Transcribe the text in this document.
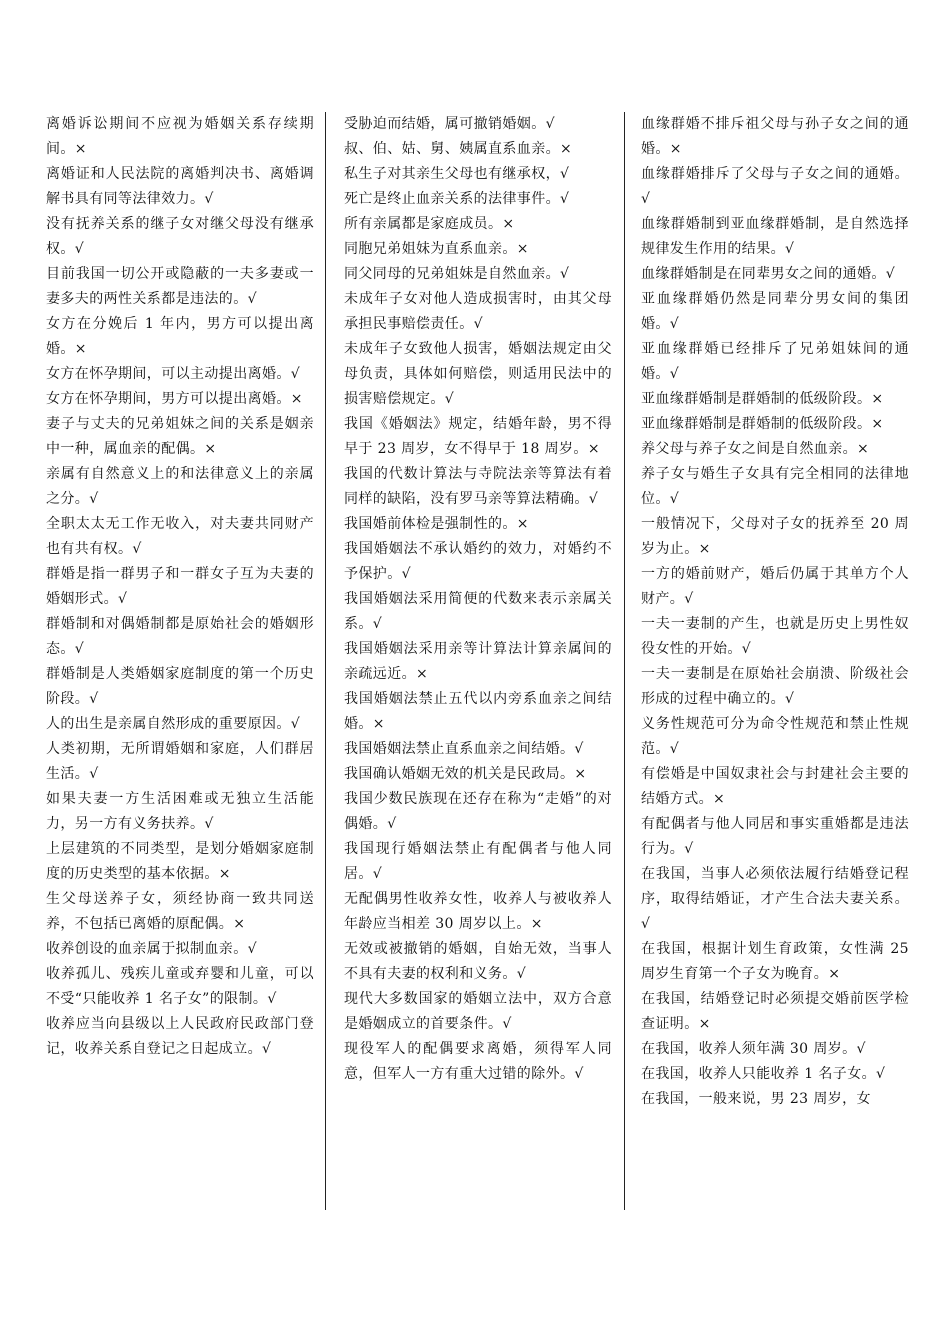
离婚诉讼期间不应视为婚姻关系存续期间。×

离婚证和人民法院的离婚判决书、离婚调解书具有同等法律效力。√

没有抚养关系的继子女对继父母没有继承权。√

目前我国一切公开或隐蔽的一夫多妻或一妻多夫的两性关系都是违法的。√

女方在分娩后 1 年内，男方可以提出离婚。×

女方在怀孕期间，可以主动提出离婚。√

女方在怀孕期间，男方可以提出离婚。×

妻子与丈夫的兄弟姐妹之间的关系是姻亲中一种，属血亲的配偶。×

亲属有自然意义上的和法律意义上的亲属之分。√

全职太太无工作无收入，对夫妻共同财产也有共有权。√

群婚是指一群男子和一群女子互为夫妻的婚姻形式。√

群婚制和对偶婚制都是原始社会的婚姻形态。√

群婚制是人类婚姻家庭制度的第一个历史阶段。√

人的出生是亲属自然形成的重要原因。√

人类初期，无所谓婚姻和家庭，人们群居生活。√

如果夫妻一方生活困难或无独立生活能力，另一方有义务扶养。√

上层建筑的不同类型，是划分婚姻家庭制度的历史类型的基本依据。×

生父母送养子女，须经协商一致共同送养，不包括已离婚的原配偶。×

收养创设的血亲属于拟制血亲。√

收养孤儿、残疾儿童或弃婴和儿童，可以不受“只能收养 1 名子女”的限制。√

收养应当向县级以上人民政府民政部门登记，收养关系自登记之日起成立。√

受胁迫而结婚，属可撤销婚姻。√

叔、伯、姑、舅、姨属直系血亲。×

私生子对其亲生父母也有继承权，√

死亡是终止血亲关系的法律事件。√

所有亲属都是家庭成员。×

同胞兄弟姐妹为直系血亲。×

同父同母的兄弟姐妹是自然血亲。√

未成年子女对他人造成损害时，由其父母承担民事赔偿责任。√

未成年子女致他人损害，婚姻法规定由父母负责，具体如何赔偿，则适用民法中的损害赔偿规定。√

我国《婚姻法》规定，结婚年龄，男不得早于 23 周岁，女不得早于 18 周岁。×

我国的代数计算法与寺院法亲等算法有着同样的缺陷，没有罗马亲等算法精确。√

我国婚前体检是强制性的。×

我国婚姻法不承认婚约的效力，对婚约不予保护。√

我国婚姻法采用简便的代数来表示亲属关系。√

我国婚姻法采用亲等计算法计算亲属间的亲疏远近。×

我国婚姻法禁止五代以内旁系血亲之间结婚。×

我国婚姻法禁止直系血亲之间结婚。√

我国确认婚姻无效的机关是民政局。×

我国少数民族现在还存在称为“走婚”的对偶婚。√

我国现行婚姻法禁止有配偶者与他人同居。√

无配偶男性收养女性，收养人与被收养人年龄应当相差 30 周岁以上。×

无效或被撤销的婚姻，自始无效，当事人不具有夫妻的权利和义务。√

现代大多数国家的婚姻立法中，双方合意是婚姻成立的首要条件。√

现役军人的配偶要求离婚，须得军人同意，但军人一方有重大过错的除外。√

血缘群婚不排斥祖父母与孙子女之间的通婚。×

血缘群婚排斥了父母与子女之间的通婚。√

血缘群婚制到亚血缘群婚制，是自然选择规律发生作用的结果。√

血缘群婚制是在同辈男女之间的通婚。√

亚血缘群婚仍然是同辈分男女间的集团婚。√

亚血缘群婚已经排斥了兄弟姐妹间的通婚。√

亚血缘群婚制是群婚制的低级阶段。×

亚血缘群婚制是群婚制的低级阶段。×

养父母与养子女之间是自然血亲。×

养子女与婚生子女具有完全相同的法律地位。√

一般情况下，父母对子女的抚养至 20 周岁为止。×

一方的婚前财产，婚后仍属于其单方个人财产。√

一夫一妻制的产生，也就是历史上男性奴役女性的开始。√

一夫一妻制是在原始社会崩溃、阶级社会形成的过程中确立的。√

义务性规范可分为命令性规范和禁止性规范。√

有偿婚是中国奴隶社会与封建社会主要的结婚方式。×

有配偶者与他人同居和事实重婚都是违法行为。√

在我国，当事人必须依法履行结婚登记程序，取得结婚证，才产生合法夫妻关系。√

在我国，根据计划生育政策，女性满 25 周岁生育第一个子女为晚育。×

在我国，结婚登记时必须提交婚前医学检查证明。×

在我国，收养人须年满 30 周岁。√

在我国，收养人只能收养 1 名子女。√

在我国，一般来说，男 23 周岁，女
